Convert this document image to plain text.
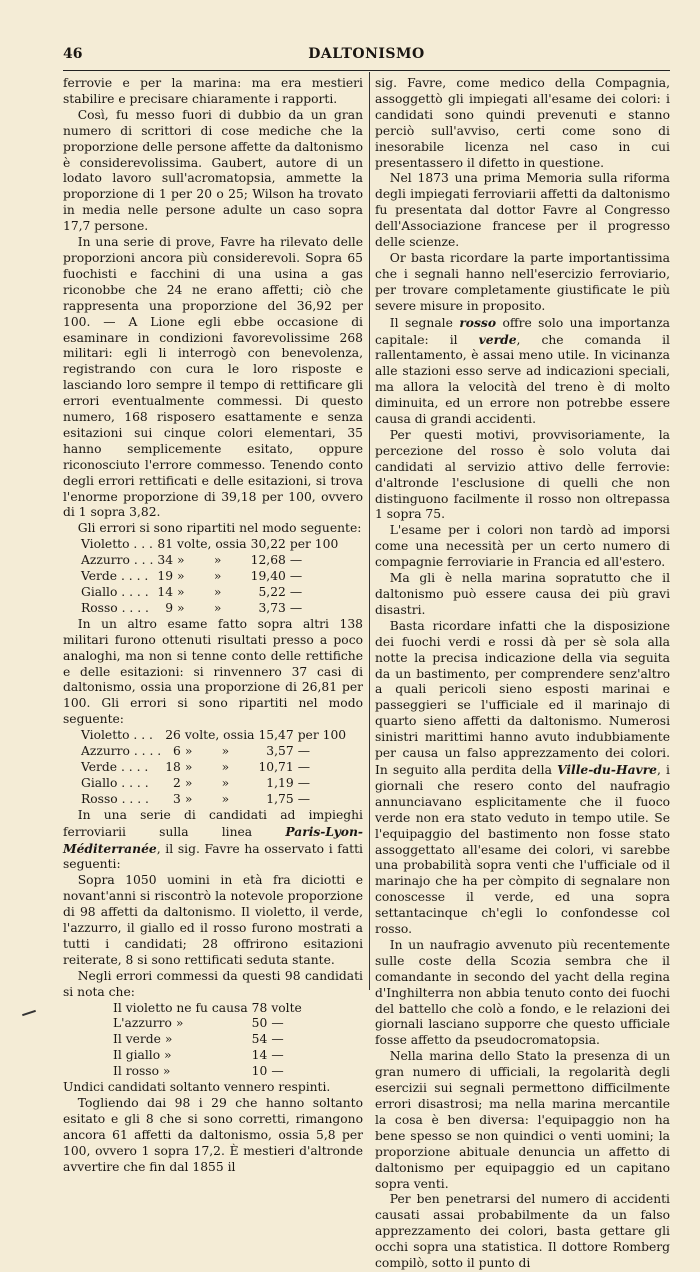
46	DALTONISMO

ferrovie e per la marina: ma era mestieri stabilire e precisare chiaramente i rapporti.

Così, fu messo fuori di dubbio da un gran numero di scrittori di cose mediche che la proporzione delle persone affette da daltonismo è considerevolissima. Gaubert, autore di un lodato lavoro sull'acromatopsia, ammette la proporzione di 1 per 20 o 25; Wilson ha trovato in media nelle persone adulte un caso sopra 17,7 persone.

In una serie di prove, Favre ha rilevato delle proporzioni ancora più considerevoli. Sopra 65 fuochisti e facchini di una usina a gas riconobbe che 24 ne erano affetti; ciò che rappresenta una proporzione del 36,92 per 100. — A Lione egli ebbe occasione di esaminare in condizioni favorevolissime 268 militari: egli li interrogò con benevolenza, registrando con cura le loro risposte e lasciando loro sempre il tempo di rettificare gli errori eventualmente commessi. Di questo numero, 168 risposero esattamente e senza esitazioni sui cinque colori elementari, 35 hanno semplicemente esitato, oppure riconosciuto l'errore commesso. Tenendo conto degli errori rettificati e delle esitazioni, si trova l'enorme proporzione di 39,18 per 100, ovvero di 1 sopra 3,82.

Gli errori si sono ripartiti nel modo seguente:

Violetto . . .	81	volte, ossia		30,22	per 100
Azzurro . . .	34	»	»	12,68	—
Verde . . . .	19	»	»	19,40	—
Giallo . . . .	14	»	»	5,22	—
Rosso . . . .	9	»	»	3,73	—

In un altro esame fatto sopra altri 138 militari furono ottenuti risultati presso a poco analoghi, ma non si tenne conto delle rettifiche e delle esitazioni: si rinvennero 37 casi di daltonismo, ossia una proporzione di 26,81 per 100. Gli errori si sono ripartiti nel modo seguente:

Violetto . . .	26	volte, ossia		15,47	per 100
Azzurro . . . .	6	»	»	3,57	—
Verde . . . .	18	»	»	10,71	—
Giallo . . . .	2	»	»	1,19	—
Rosso . . . .	3	»	»	1,75	—

In una serie di candidati ad impieghi ferroviarii sulla linea Paris-Lyon-Méditerranée, il sig. Favre ha osservato i fatti seguenti:

Sopra 1050 uomini in età fra diciotti e novant'anni si riscontrò la notevole proporzione di 98 affetti da daltonismo. Il violetto, il verde, l'azzurro, il giallo ed il rosso furono mostrati a tutti i candidati; 28 offrirono esitazioni reiterate, 8 si sono rettificati seduta stante.

Negli errori commessi da questi 98 candidati si nota che:

Il violetto ne fu causa	78	volte
L'azzurro »	50	—
Il verde »	54	—
Il giallo »	14	—
Il rosso »	10	—

Undici candidati soltanto vennero respinti.

Togliendo dai 98 i 29 che hanno soltanto esitato e gli 8 che si sono corretti, rimangono ancora 61 affetti da daltonismo, ossia 5,8 per 100, ovvero 1 sopra 17,2. È mestieri d'altronde avvertire che fin dal 1855 il

sig. Favre, come medico della Compagnia, assoggettò gli impiegati all'esame dei colori: i candidati sono quindi prevenuti e stanno perciò sull'avviso, certi come sono di inesorabile licenza nel caso in cui presentassero il difetto in questione.

Nel 1873 una prima Memoria sulla riforma degli impiegati ferroviarii affetti da daltonismo fu presentata dal dottor Favre al Congresso dell'Associazione francese per il progresso delle scienze.

Or basta ricordare la parte importantissima che i segnali hanno nell'esercizio ferroviario, per trovare completamente giustificate le più severe misure in proposito.

Il segnale rosso offre solo una importanza capitale: il verde, che comanda il rallentamento, è assai meno utile. In vicinanza alle stazioni esso serve ad indicazioni speciali, ma allora la velocità del treno è di molto diminuita, ed un errore non potrebbe essere causa di grandi accidenti.

Per questi motivi, provvisoriamente, la percezione del rosso è solo voluta dai candidati al servizio attivo delle ferrovie: d'altronde l'esclusione di quelli che non distinguono facilmente il rosso non oltrepassa 1 sopra 75.

L'esame per i colori non tardò ad imporsi come una necessità per un certo numero di compagnie ferroviarie in Francia ed all'estero.

Ma gli è nella marina sopratutto che il daltonismo può essere causa dei più gravi disastri.

Basta ricordare infatti che la disposizione dei fuochi verdi e rossi dà per sè sola alla notte la precisa indicazione della via seguita da un bastimento, per comprendere senz'altro a quali pericoli sieno esposti marinai e passeggieri se l'ufficiale ed il marinajo di quarto sieno affetti da daltonismo. Numerosi sinistri marittimi hanno avuto indubbiamente per causa un falso apprezzamento dei colori. In seguito alla perdita della Ville-du-Havre, i giornali che resero conto del naufragio annunciavano esplicitamente che il fuoco verde non era stato veduto in tempo utile. Se l'equipaggio del bastimento non fosse stato assoggettato all'esame dei colori, vi sarebbe una probabilità sopra venti che l'ufficiale od il marinajo che ha per còmpito di segnalare non conoscesse il verde, ed una sopra settantacinque ch'egli lo confondesse col rosso.

In un naufragio avvenuto più recentemente sulle coste della Scozia sembra che il comandante in secondo del yacht della regina d'Inghilterra non abbia tenuto conto dei fuochi del battello che colò a fondo, e le relazioni dei giornali lasciano supporre che questo ufficiale fosse affetto da pseudocromatopsia.

Nella marina dello Stato la presenza di un gran numero di ufficiali, la regolarità degli esercizii sui segnali permettono difficilmente errori disastrosi; ma nella marina mercantile la cosa è ben diversa: l'equipaggio non ha bene spesso se non quindici o venti uomini; la proporzione abituale denuncia un affetto di daltonismo per equipaggio ed un capitano sopra venti.

Per ben penetrarsi del numero di accidenti causati assai probabilmente da un falso apprezzamento dei colori, basta gettare gli occhi sopra una statistica. Il dottore Romberg compilò, sotto il punto di
